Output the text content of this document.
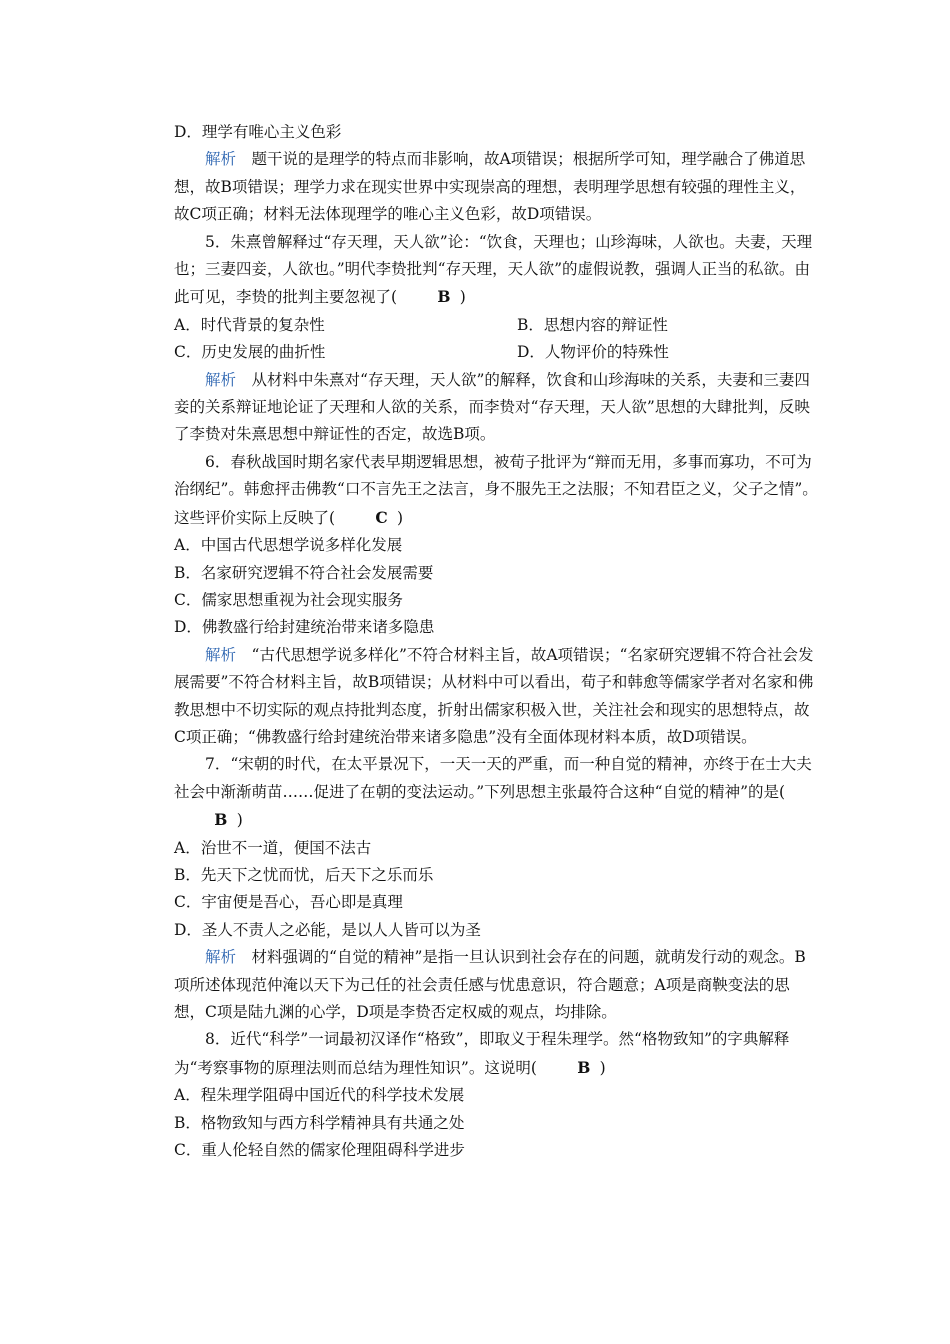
D．理学有唯心主义色彩

解析 题干说的是理学的特点而非影响，故A项错误；根据所学可知，理学融合了佛道思想，故B项错误；理学力求在现实世界中实现崇高的理想，表明理学思想有较强的理性主义，故C项正确；材料无法体现理学的唯心主义色彩，故D项错误。

5．朱熹曾解释过“存天理，天人欲”论：“饮食，天理也；山珍海味，人欲也。夫妻，天理也；三妻四妾，人欲也。”明代李贽批判“存天理，天人欲”的虚假说教，强调人正当的私欲。由此可见，李贽的批判主要忽视了(	B )

A．时代背景的复杂性	B．思想内容的辩证性
C．历史发展的曲折性	D．人物评价的特殊性

解析 从材料中朱熹对“存天理，天人欲”的解释，饮食和山珍海味的关系，夫妻和三妻四妾的关系辩证地论证了天理和人欲的关系，而李贽对“存天理，天人欲”思想的大肆批判，反映了李贽对朱熹思想中辩证性的否定，故选B项。

6．春秋战国时期名家代表早期逻辑思想，被荀子批评为“辩而无用，多事而寡功，不可为治纲纪”。韩愈抨击佛教“口不言先王之法言，身不服先王之法服；不知君臣之义，父子之情”。这些评价实际上反映了(	C )

A．中国古代思想学说多样化发展

B．名家研究逻辑不符合社会发展需要

C．儒家思想重视为社会现实服务

D．佛教盛行给封建统治带来诸多隐患

解析 “古代思想学说多样化”不符合材料主旨，故A项错误；“名家研究逻辑不符合社会发展需要”不符合材料主旨，故B项错误；从材料中可以看出，荀子和韩愈等儒家学者对名家和佛教思想中不切实际的观点持批判态度，折射出儒家积极入世，关注社会和现实的思想特点，故C项正确；“佛教盛行给封建统治带来诸多隐患”没有全面体现材料本质，故D项错误。

7．“宋朝的时代，在太平景况下，一天一天的严重，而一种自觉的精神，亦终于在士大夫社会中渐渐萌苗……促进了在朝的变法运动。”下列思想主张最符合这种“自觉的精神”的是(B )

A．治世不一道，便国不法古

B．先天下之忧而忧，后天下之乐而乐

C．宇宙便是吾心，吾心即是真理

D．圣人不责人之必能，是以人人皆可以为圣

解析 材料强调的“自觉的精神”是指一旦认识到社会存在的问题，就萌发行动的观念。B项所述体现范仲淹以天下为己任的社会责任感与忧患意识，符合题意；A项是商鞅变法的思想，C项是陆九渊的心学，D项是李贽否定权威的观点，均排除。

8．近代“科学”一词最初汉译作“格致”，即取义于程朱理学。然“格物致知”的字典解释为“考察事物的原理法则而总结为理性知识”。这说明(	B )

A．程朱理学阻碍中国近代的科学技术发展

B．格物致知与西方科学精神具有共通之处

C．重人伦轻自然的儒家伦理阻碍科学进步
